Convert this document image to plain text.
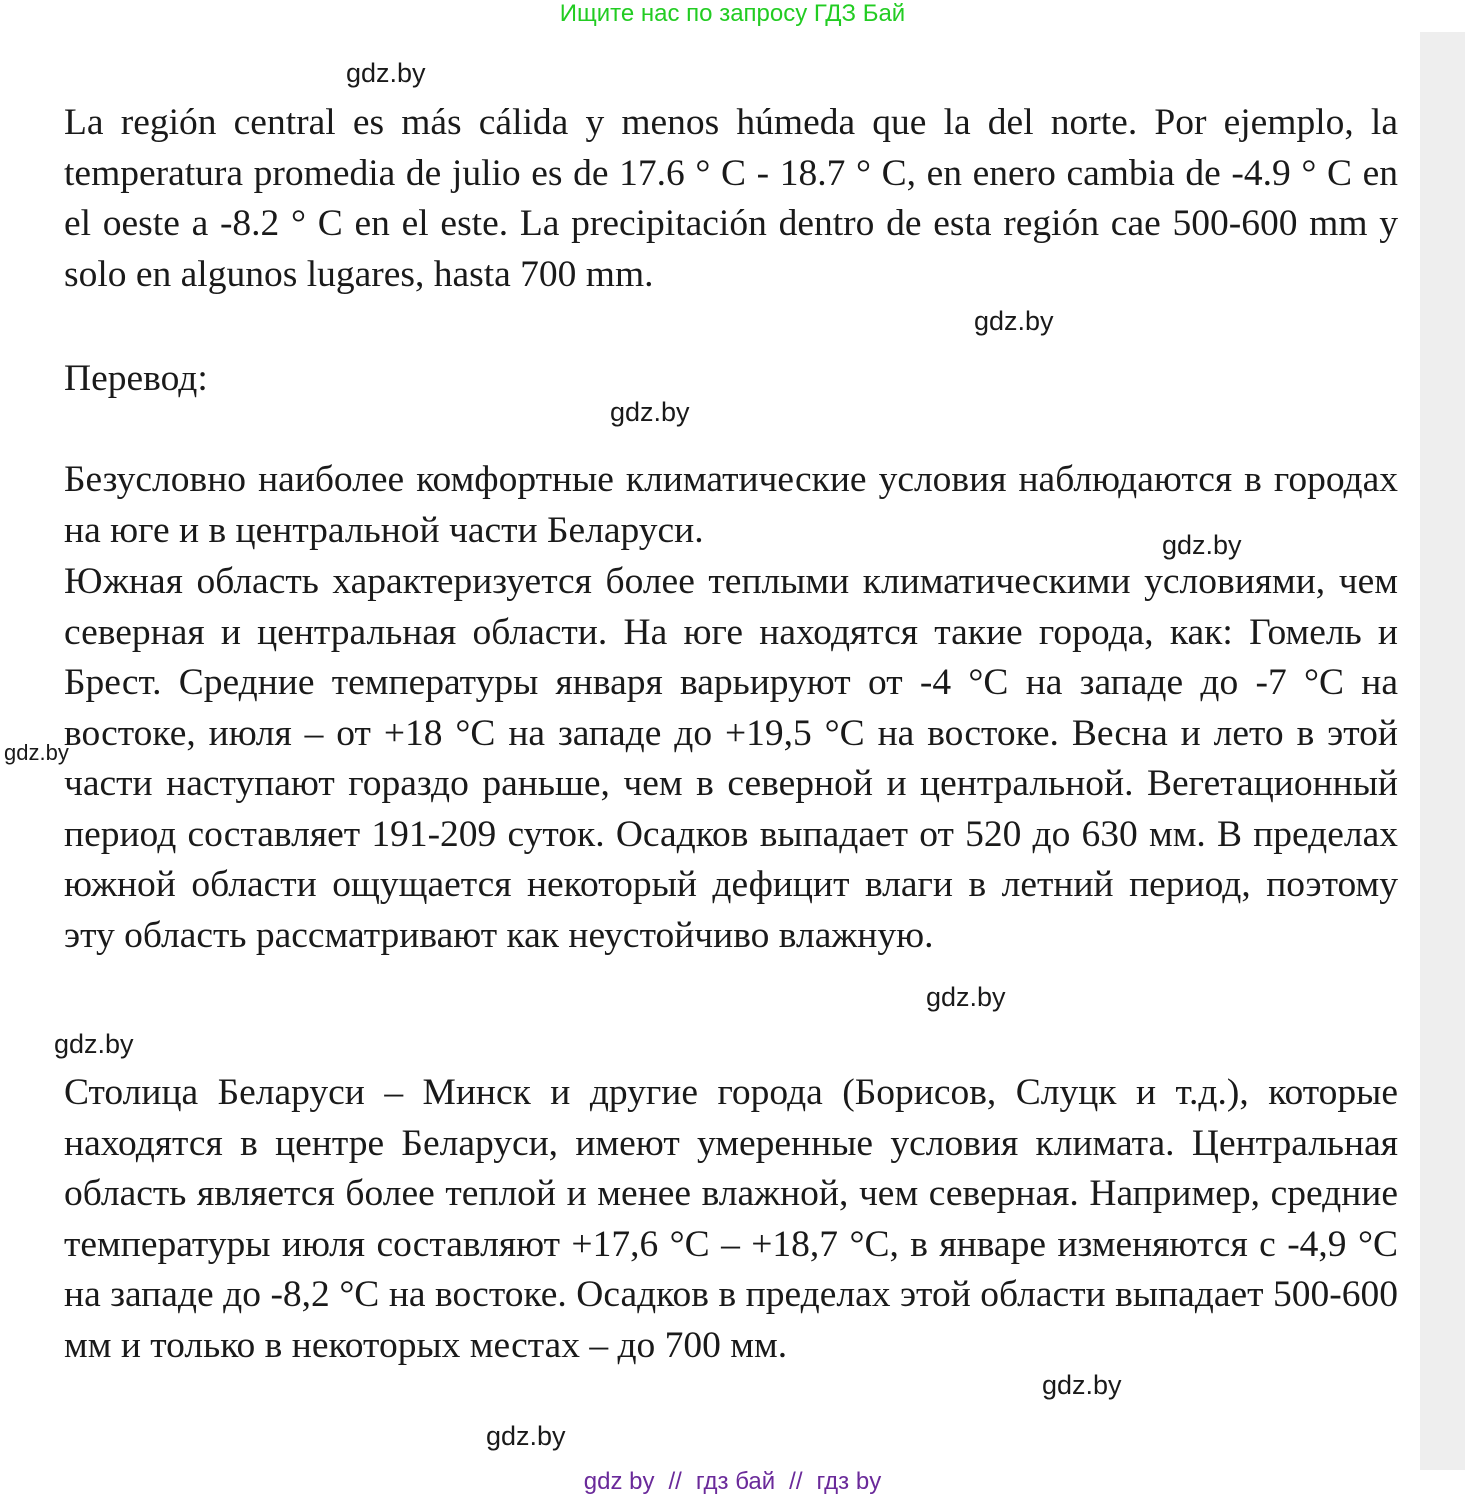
Ищите нас по запросу ГДЗ Бай
gdz.by
gdz.by
gdz.by
gdz.by
gdz.by
gdz.by
gdz.by
gdz.by
gdz.by

La región central es más cálida y menos húmeda que la del norte. Por ejemplo, la temperatura promedia de julio es de 17.6 ° C - 18.7 ° C, en enero cambia de -4.9 ° C en el oeste a -8.2 ° C en el este. La precipitación dentro de esta región cae 500-600 mm y solo en algunos lugares, hasta 700 mm.

Перевод:

Безусловно наиболее комфортные климатические условия наблюдаются в городах на юге и в центральной части Беларуси.

Южная область характеризуется более теплыми климатическими условиями, чем северная и центральная области. На юге находятся такие города, как: Гомель и Брест. Средние температуры января варьируют от -4 °С на западе до -7 °С на востоке, июля – от +18 °С на западе до +19,5 °С на востоке. Весна и лето в этой части наступают гораздо раньше, чем в северной и центральной. Вегетационный период составляет 191-209 суток. Осадков выпадает от 520 до 630 мм. В пределах южной области ощущается некоторый дефицит влаги в летний период, поэтому эту область рассматривают как неустойчиво влажную.

Столица Беларуси – Минск и другие города (Борисов, Слуцк и т.д.), которые находятся в центре Беларуси, имеют умеренные условия климата. Центральная область является более теплой и менее влажной, чем северная. Например, средние температуры июля составляют +17,6 °С – +18,7 °С, в январе изменяются с -4,9 °С на западе до -8,2 °С на востоке. Осадков в пределах этой области выпадает 500-600 мм и только в некоторых местах – до 700 мм.

gdz by // гдз бай // гдз by
